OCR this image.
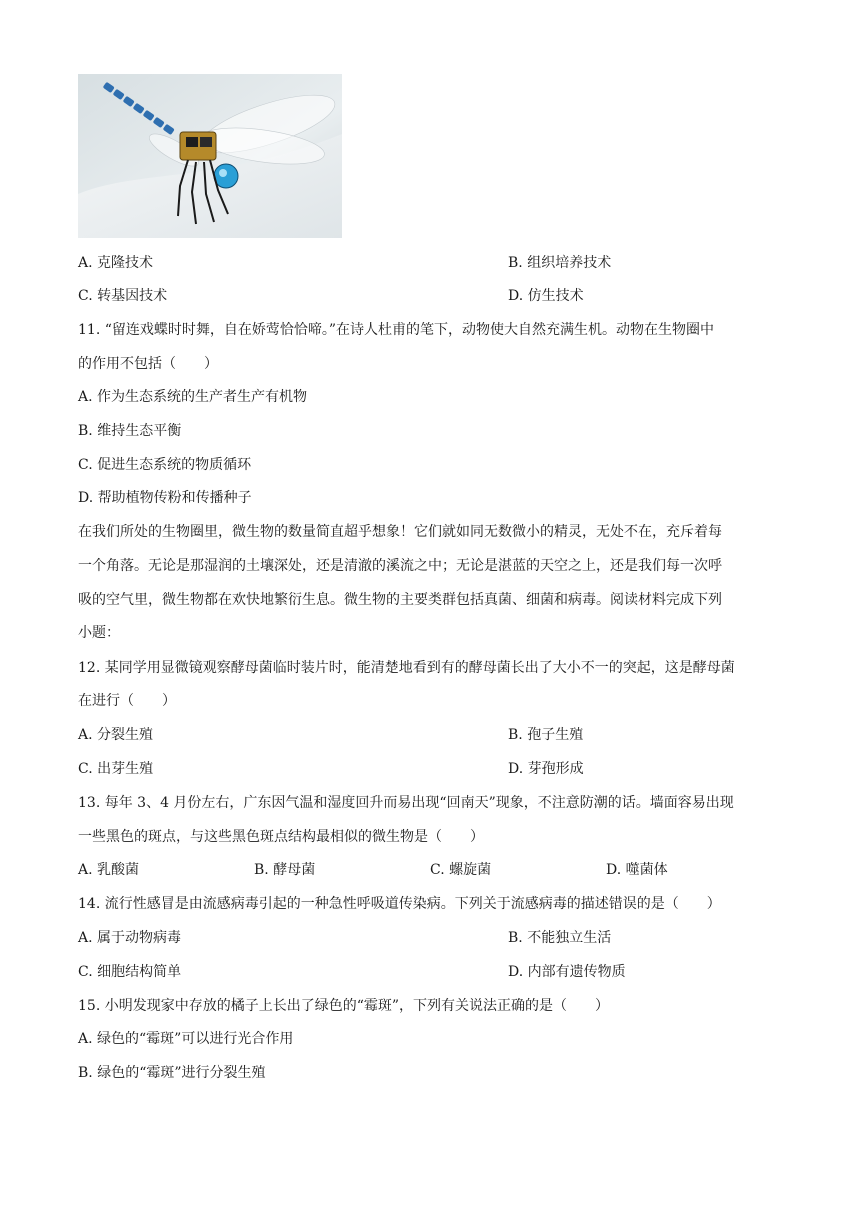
A. 克隆技术	B. 组织培养技术
C. 转基因技术	D. 仿生技术
11. “留连戏蝶时时舞，自在娇莺恰恰啼。”在诗人杜甫的笔下，动物使大自然充满生机。动物在生物圈中
的作用不包括（　　）
A. 作为生态系统的生产者生产有机物
B. 维持生态平衡
C. 促进生态系统的物质循环
D. 帮助植物传粉和传播种子
在我们所处的生物圈里，微生物的数量简直超乎想象！它们就如同无数微小的精灵，无处不在，充斥着每
一个角落。无论是那湿润的土壤深处，还是清澈的溪流之中；无论是湛蓝的天空之上，还是我们每一次呼
吸的空气里，微生物都在欢快地繁衍生息。微生物的主要类群包括真菌、细菌和病毒。阅读材料完成下列
小题：
12. 某同学用显微镜观察酵母菌临时装片时，能清楚地看到有的酵母菌长出了大小不一的突起，这是酵母菌
在进行（　　）
A. 分裂生殖	B. 孢子生殖
C. 出芽生殖	D. 芽孢形成
13. 每年 3、4 月份左右，广东因气温和湿度回升而易出现“回南天”现象，不注意防潮的话。墙面容易出现
一些黑色的斑点，与这些黑色斑点结构最相似的微生物是（　　）
A. 乳酸菌	B. 酵母菌	C. 螺旋菌	D. 噬菌体
14. 流行性感冒是由流感病毒引起的一种急性呼吸道传染病。下列关于流感病毒的描述错误的是（　　）
A. 属于动物病毒	B. 不能独立生活
C. 细胞结构简单	D. 内部有遗传物质
15. 小明发现家中存放的橘子上长出了绿色的“霉斑”，下列有关说法正确的是（　　）
A. 绿色的“霉斑”可以进行光合作用
B. 绿色的“霉斑”进行分裂生殖
